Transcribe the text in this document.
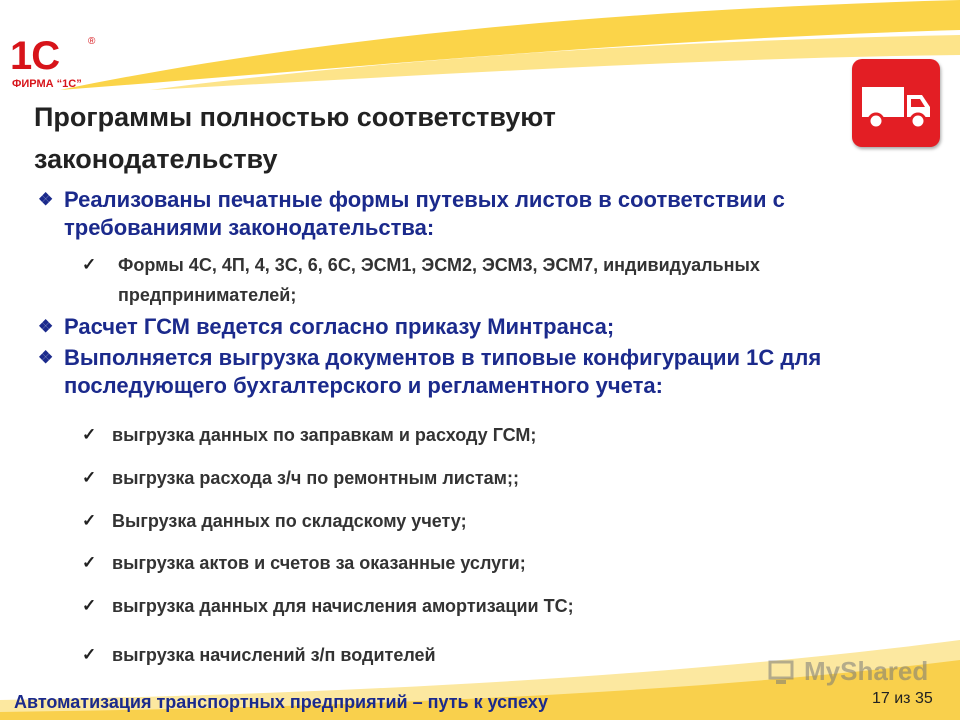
1С	®
ФИРМА “1С”
Программы полностью соответствуют законодательству
❖ Реализованы печатные формы путевых листов в соответствии с требованиями законодательства:
✓ Формы 4С, 4П, 4, 3С, 6, 6С, ЭСМ1, ЭСМ2, ЭСМ3, ЭСМ7, индивидуальных предпринимателей;
❖ Расчет ГСМ ведется согласно приказу Минтранса;
❖ Выполняется выгрузка документов в типовые конфигурации 1С для последующего бухгалтерского и регламентного учета:
✓ выгрузка данных по заправкам и расходу ГСМ;
✓ выгрузка расхода з/ч по ремонтным листам;;
✓ Выгрузка данных по складскому учету;
✓ выгрузка актов и счетов за оказанные услуги;
✓ выгрузка данных для начисления амортизации ТС;
✓ выгрузка начислений з/п водителей
MyShared
Автоматизация транспортных предприятий – путь к успеху	17 из 35
